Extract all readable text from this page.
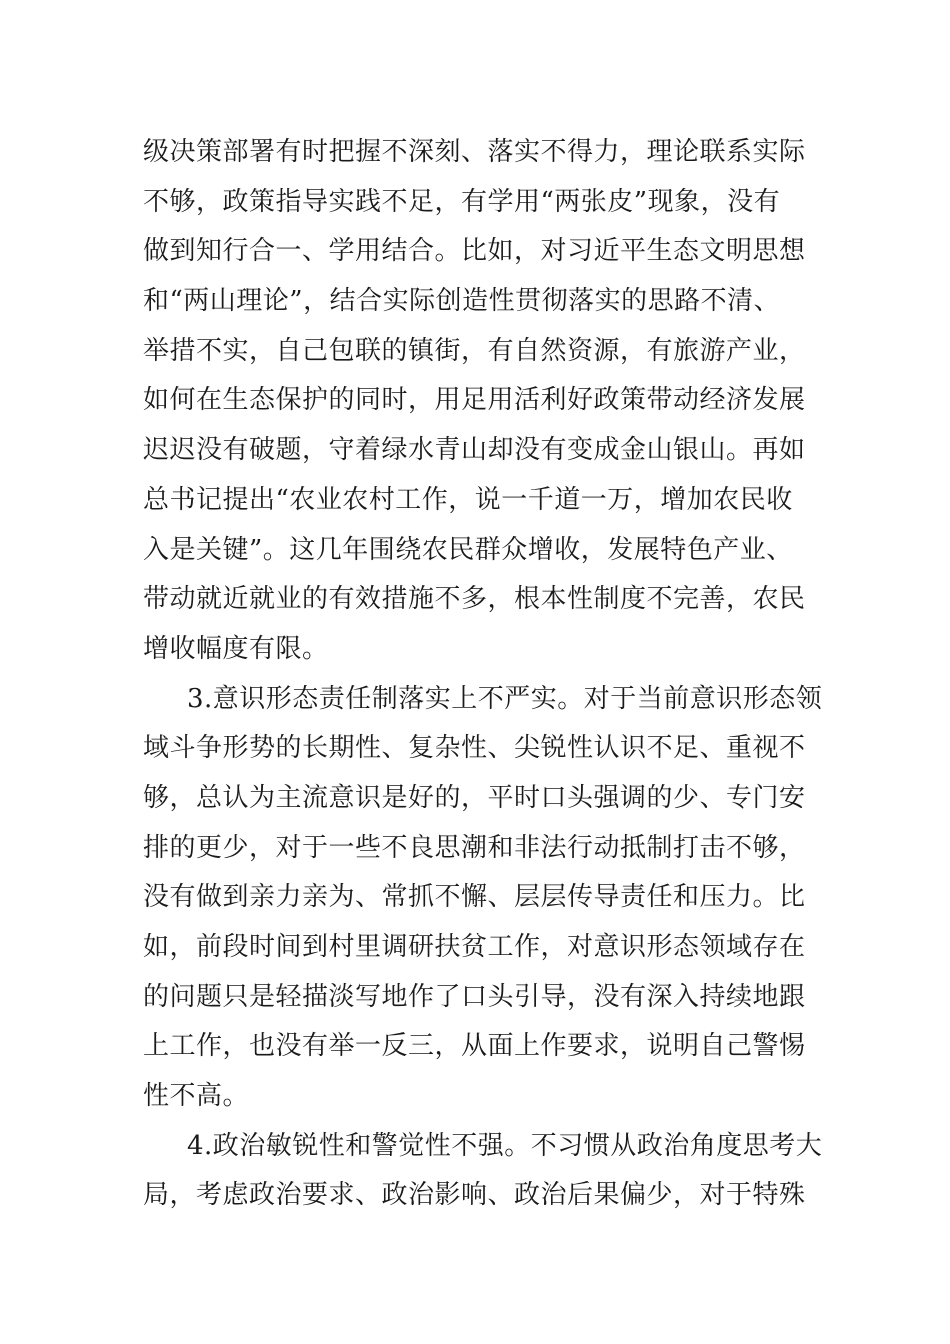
级决策部署有时把握不深刻、落实不得力，理论联系实际
不够，政策指导实践不足，有学用“两张皮”现象，没有
做到知行合一、学用结合。比如，对习近平生态文明思想
和“两山理论”，结合实际创造性贯彻落实的思路不清、
举措不实，自己包联的镇街，有自然资源，有旅游产业，
如何在生态保护的同时，用足用活利好政策带动经济发展
迟迟没有破题，守着绿水青山却没有变成金山银山。再如
总书记提出“农业农村工作，说一千道一万，增加农民收
入是关键”。这几年围绕农民群众增收，发展特色产业、
带动就近就业的有效措施不多，根本性制度不完善，农民
增收幅度有限。
3.意识形态责任制落实上不严实。对于当前意识形态领
域斗争形势的长期性、复杂性、尖锐性认识不足、重视不
够，总认为主流意识是好的，平时口头强调的少、专门安
排的更少，对于一些不良思潮和非法行动抵制打击不够，
没有做到亲力亲为、常抓不懈、层层传导责任和压力。比
如，前段时间到村里调研扶贫工作，对意识形态领域存在
的问题只是轻描淡写地作了口头引导，没有深入持续地跟
上工作，也没有举一反三，从面上作要求，说明自己警惕
性不高。
4.政治敏锐性和警觉性不强。不习惯从政治角度思考大
局，考虑政治要求、政治影响、政治后果偏少，对于特殊
